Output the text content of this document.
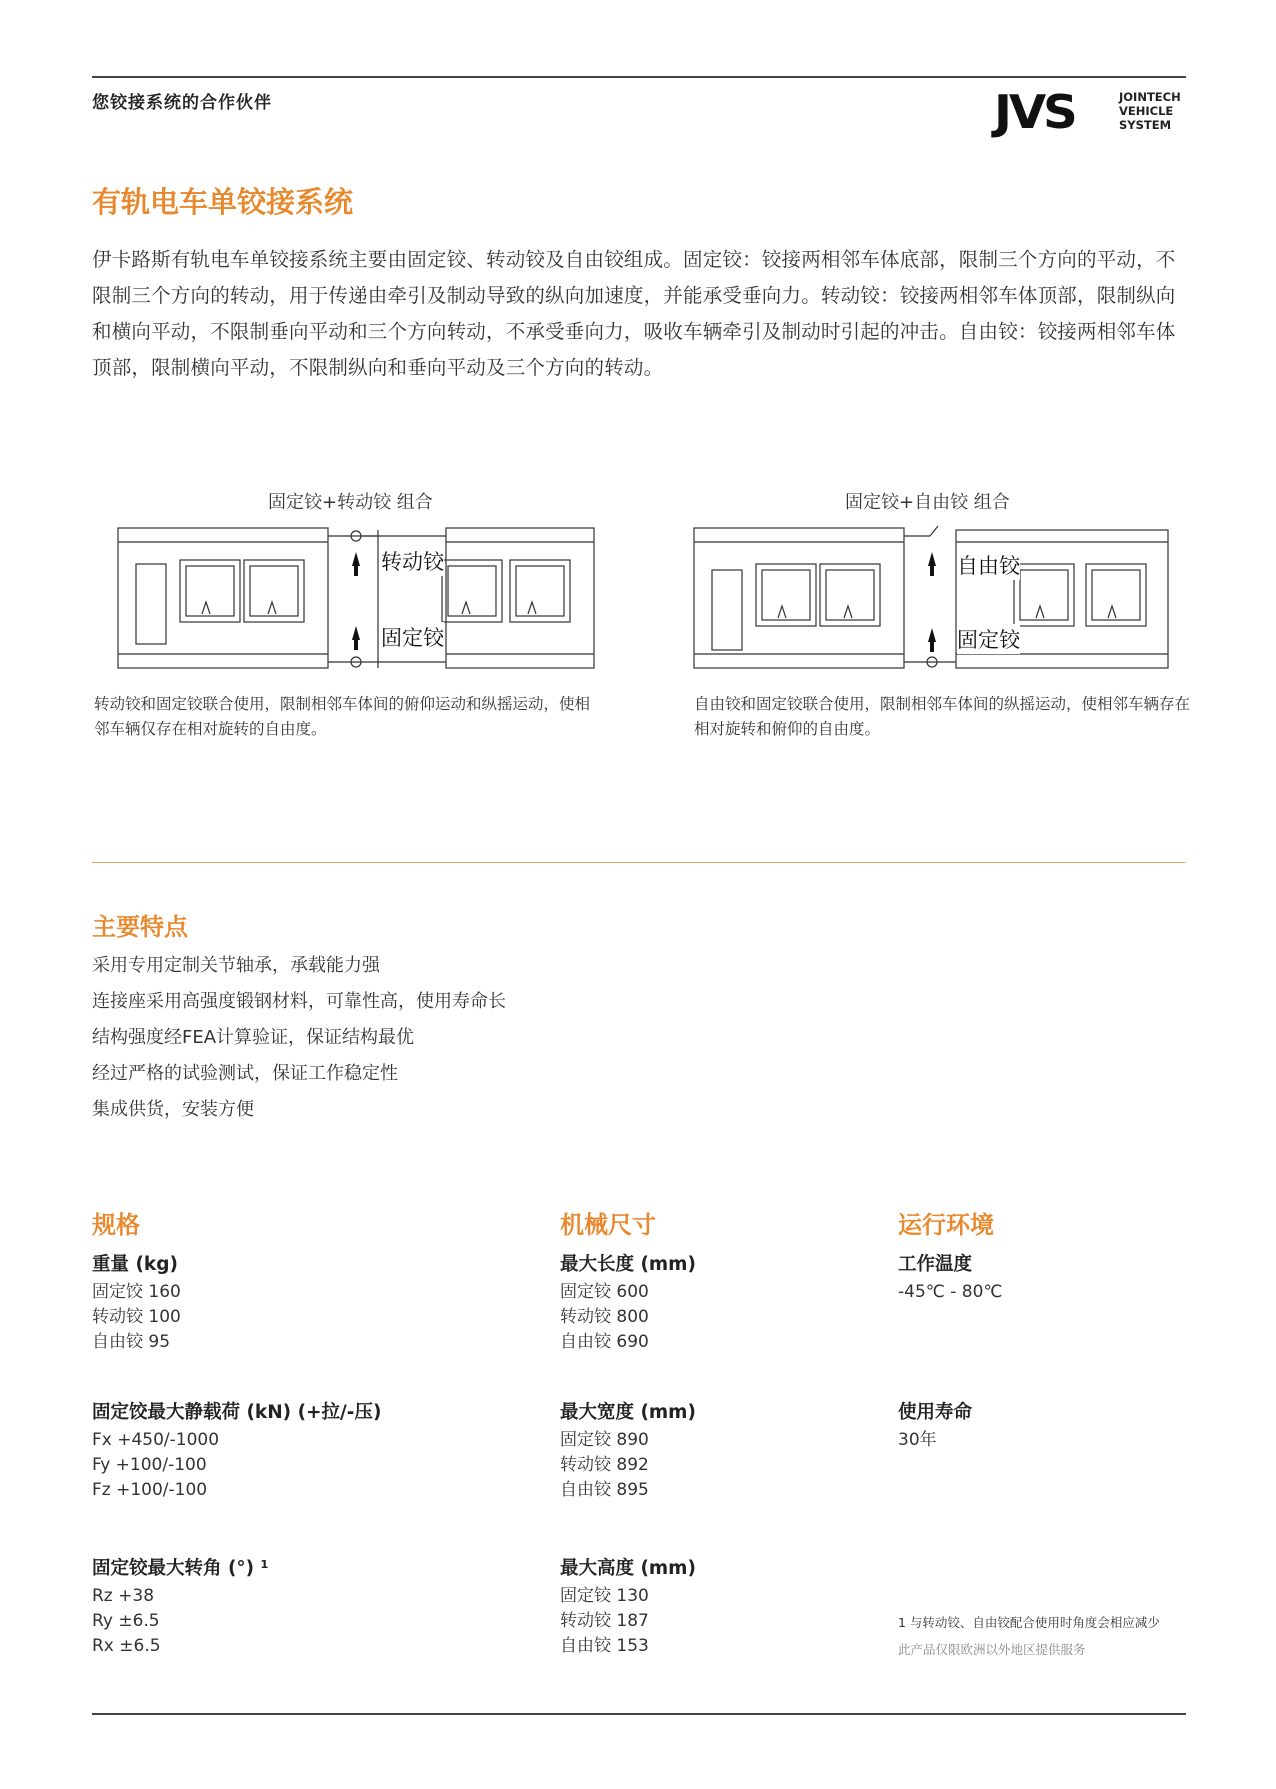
您铰接系统的合作伙伴	JVS	JOINTECH
VEHICLE
SYSTEM
有轨电车单铰接系统

伊卡路斯有轨电车单铰接系统主要由固定铰、转动铰及自由铰组成。固定铰：铰接两相邻车体底部，限制三个方向的平动，不限制三个方向的转动，用于传递由牵引及制动导致的纵向加速度，并能承受垂向力。转动铰：铰接两相邻车体顶部，限制纵向和横向平动，不限制垂向平动和三个方向转动，不承受垂向力，吸收车辆牵引及制动时引起的冲击。自由铰：铰接两相邻车体顶部，限制横向平动，不限制纵向和垂向平动及三个方向的转动。

固定铰+转动铰 组合
转动铰
固定铰
转动铰和固定铰联合使用，限制相邻车体间的俯仰运动和纵摇运动，使相邻车辆仅存在相对旋转的自由度。
固定铰+自由铰 组合
自由铰
固定铰
自由铰和固定铰联合使用，限制相邻车体间的纵摇运动，使相邻车辆存在相对旋转和俯仰的自由度。
主要特点
采用专用定制关节轴承，承载能力强
连接座采用高强度锻钢材料，可靠性高，使用寿命长
结构强度经FEA计算验证，保证结构最优
经过严格的试验测试，保证工作稳定性
集成供货，安装方便
规格
重量 (kg)
固定饺 160
转动铰 100
自由铰 95
固定饺最大静载荷 (kN) (+拉/-压)
Fx +450/-1000
Fy +100/-100
Fz +100/-100
固定铰最大转角 (°) ¹
Rz +38
Ry ±6.5
Rx ±6.5
机械尺寸
最大长度 (mm)
固定铰 600
转动铰 800
自由铰 690
最大宽度 (mm)
固定铰 890
转动铰 892
自由铰 895
最大高度 (mm)
固定铰 130
转动铰 187
自由铰 153
运行环境
工作温度
-45℃ - 80℃
使用寿命
30年
1 与转动铰、自由铰配合使用时角度会相应减少
此产品仅限欧洲以外地区提供服务
